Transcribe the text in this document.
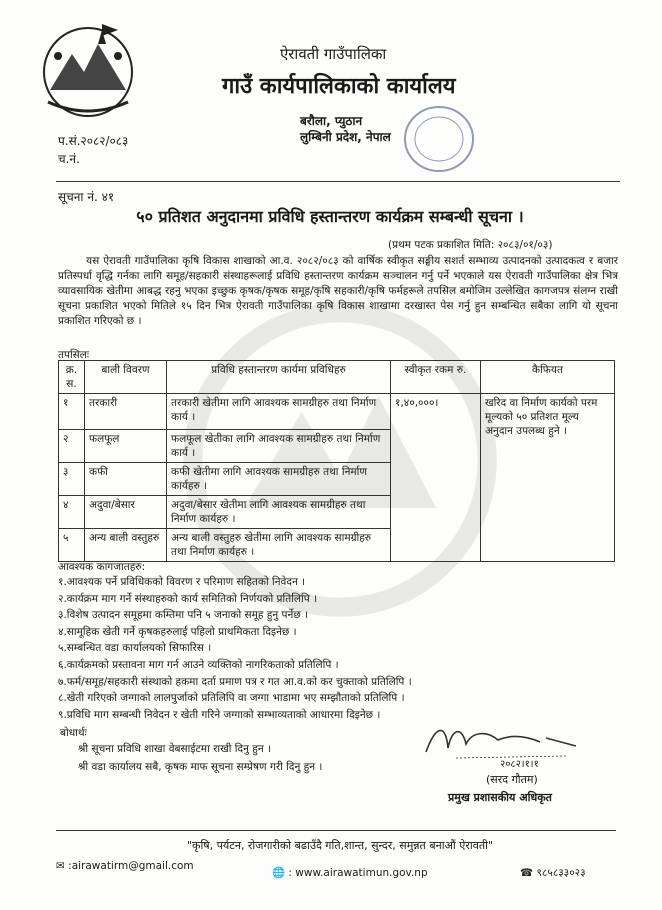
ऐरावती गाउँपालिका
गाउँ कार्यपालिकाको कार्यालय
बरौला, प्युठान
लुम्बिनी प्रदेश, नेपाल
प.सं.२०८२/०८३
च.नं.
सूचना नं. ४१
५० प्रतिशत अनुदानमा प्रविधि हस्तान्तरण कार्यक्रम सम्बन्धी सूचना ।
(प्रथम पटक प्रकाशित मिति: २०८३/०१/०३)
यस ऐरावती गाउँपालिका कृषि विकास शाखाको आ.व. २०८२/०८३ को वार्षिक स्वीकृत सङ्घीय सशर्त सम्भाव्य उत्पादनको उत्पादकत्व र बजार प्रतिस्पर्धा वृद्धि गर्नका लागि समूह/सहकारी संस्थाहरूलाई प्रविधि हस्तान्तरण कार्यक्रम सञ्चालन गर्नु पर्ने भएकाले यस ऐरावती गाउँपालिका क्षेत्र भित्र व्यावसायिक खेतीमा आबद्ध रहनु भएका इच्छुक कृषक/कृषक समूह/कृषि सहकारी/कृषि फर्महरूले तपसिल बमोजिम उल्लेखित कागजपत्र संलग्न राखी सूचना प्रकाशित भएको मितिले १५ दिन भित्र ऐरावती गाउँपालिका कृषि विकास शाखामा दरखास्त पेस गर्नु हुन सम्बन्धित सबैका लागि यो सूचना प्रकाशित गरिएको छ ।
तपसिलः
क्र. स.	बाली विवरण	प्रविधि हस्तान्तरण कार्यमा प्रविधिहरु	स्वीकृत रकम रु.	कैफियत
१	तरकारी	तरकारी खेतीमा लागि आवश्यक सामग्रीहरु तथा निर्माण कार्य ।	१,४०,०००।	खरिद वा निर्माण कार्यको परम मूल्यको ५० प्रतिशत मूल्य अनुदान उपलब्ध हुने ।
२	फलफूल	फलफूल खेतीका लागि आवश्यक सामग्रीहरु तथा निर्माण कार्य ।		
३	कफी	कफी खेतीमा लागि आवश्यक सामग्रीहरु तथा निर्माण कार्यहरु ।		
४	अदुवा/बेसार	अदुवा/बेसार खेतीमा लागि आवश्यक सामग्रीहरु तथा निर्माण कार्यहरु ।		
५	अन्य बाली वस्तुहरु	अन्य बाली वस्तुहरु खेतीमा लागि आवश्यक सामग्रीहरु तथा निर्माण कार्यहरु ।		
आवश्यक कागजातहरु:
१.आवश्यक पर्ने प्रविधिकको विवरण र परिमाण सहितको निवेदन ।
२.कार्यक्रम माग गर्ने संस्थाहरुको कार्य समितिको निर्णयको प्रतिलिपि ।
३.विशेष उत्पादन समूहमा कम्तिमा पनि ५ जनाको समूह हुनु पर्नेछ ।
४.सामूहिक खेती गर्ने कृषकहरुलाई पहिलो प्राथमिकता दिइनेछ ।
५.सम्बन्धित वडा कार्यालयको सिफारिस ।
६.कार्यक्रमको प्रस्तावना माग गर्न आउने व्यक्तिको नागरिकताको प्रतिलिपि ।
७.फर्म/समूह/सहकारी संस्थाको हकमा दर्ता प्रमाण पत्र र गत आ.व.को कर चुक्ताको प्रतिलिपि ।
८.खेती गरिएको जग्गाको लालपुर्जाको प्रतिलिपि वा जग्गा भाडामा भए सम्झौताको प्रतिलिपि ।
९.प्रविधि माग सम्बन्धी निवेदन र खेती गरिने जग्गाको सम्भाव्यताको आधारमा दिइनेछ ।
बोधार्थः
श्री सूचना प्रविधि शाखा वेबसाईटमा राखी दिनु हुन ।
श्री वडा कार्यालय सबै, कृषक माफ सूचना सम्प्रेषण गरी दिनु हुन ।	२०८२।१।१
(सरद गौतम)
प्रमुख प्रशासकीय अधिकृत
"कृषि, पर्यटन, रोजगारीको बढाउँदै गति,शान्त, सुन्दर, समुन्नत बनाऔं ऐरावती"
✉ :airawatirm@gmail.com
🌐 : www.airawatimun.gov.np	☎ ९८५८३३०२३
